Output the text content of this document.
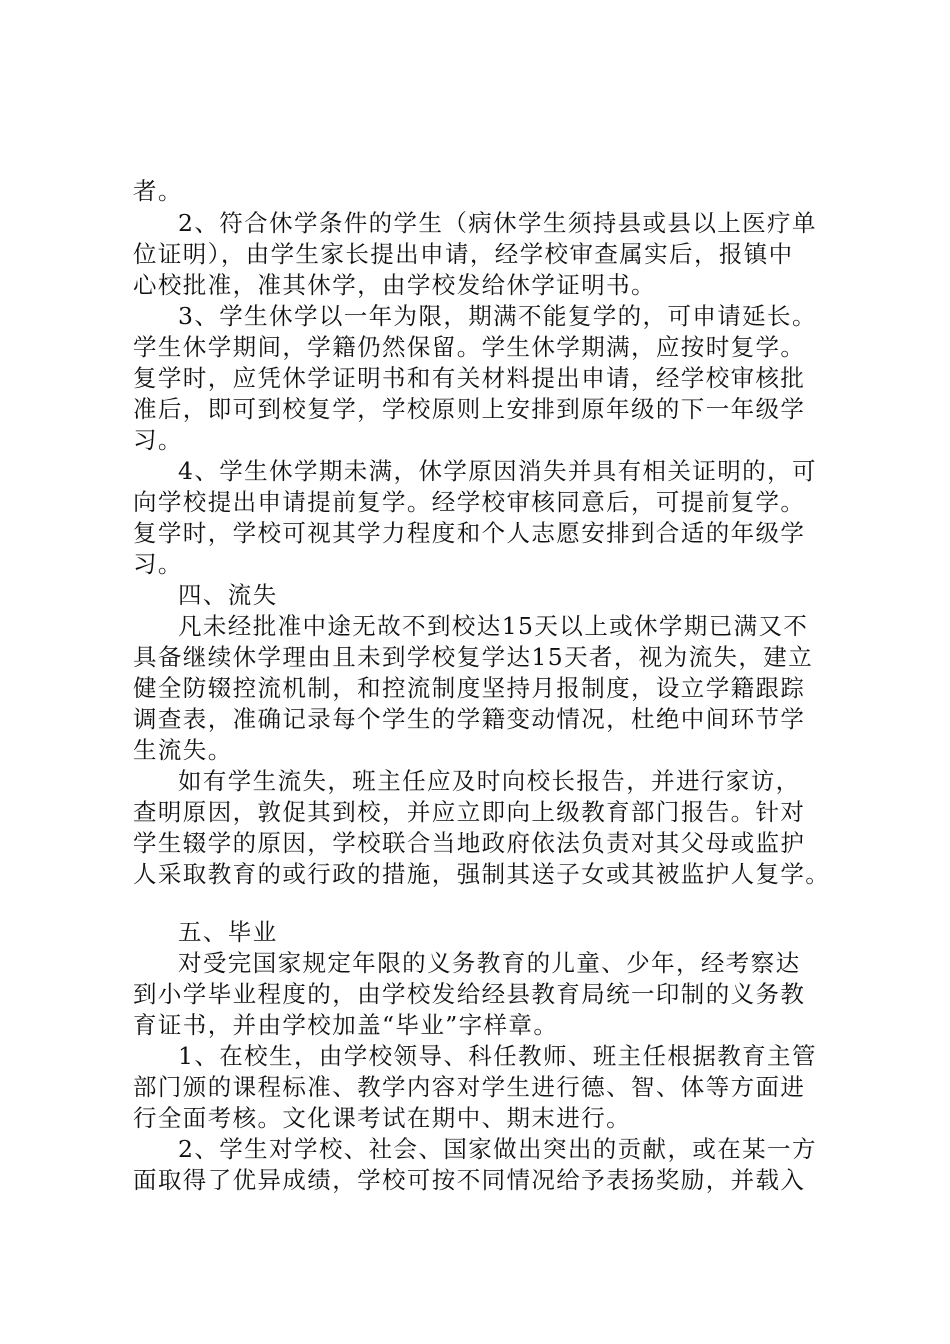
者。
2、符合休学条件的学生（病休学生须持县或县以上医疗单
位证明），由学生家长提出申请，经学校审查属实后，报镇中
心校批准，准其休学，由学校发给休学证明书。
3、学生休学以一年为限，期满不能复学的，可申请延长。
学生休学期间，学籍仍然保留。学生休学期满，应按时复学。
复学时，应凭休学证明书和有关材料提出申请，经学校审核批
准后，即可到校复学，学校原则上安排到原年级的下一年级学
习。
4、学生休学期未满，休学原因消失并具有相关证明的，可
向学校提出申请提前复学。经学校审核同意后，可提前复学。
复学时，学校可视其学力程度和个人志愿安排到合适的年级学
习。
四、流失
凡未经批准中途无故不到校达15天以上或休学期已满又不
具备继续休学理由且未到学校复学达15天者，视为流失，建立
健全防辍控流机制，和控流制度坚持月报制度，设立学籍跟踪
调查表，准确记录每个学生的学籍变动情况，杜绝中间环节学
生流失。
如有学生流失，班主任应及时向校长报告，并进行家访，
查明原因，敦促其到校，并应立即向上级教育部门报告。针对
学生辍学的原因，学校联合当地政府依法负责对其父母或监护
人采取教育的或行政的措施，强制其送子女或其被监护人复学。
五、毕业
对受完国家规定年限的义务教育的儿童、少年，经考察达
到小学毕业程度的，由学校发给经县教育局统一印制的义务教
育证书，并由学校加盖“毕业”字样章。
1、在校生，由学校领导、科任教师、班主任根据教育主管
部门颁的课程标准、教学内容对学生进行德、智、体等方面进
行全面考核。文化课考试在期中、期末进行。
2、学生对学校、社会、国家做出突出的贡献，或在某一方
面取得了优异成绩，学校可按不同情况给予表扬奖励，并载入
